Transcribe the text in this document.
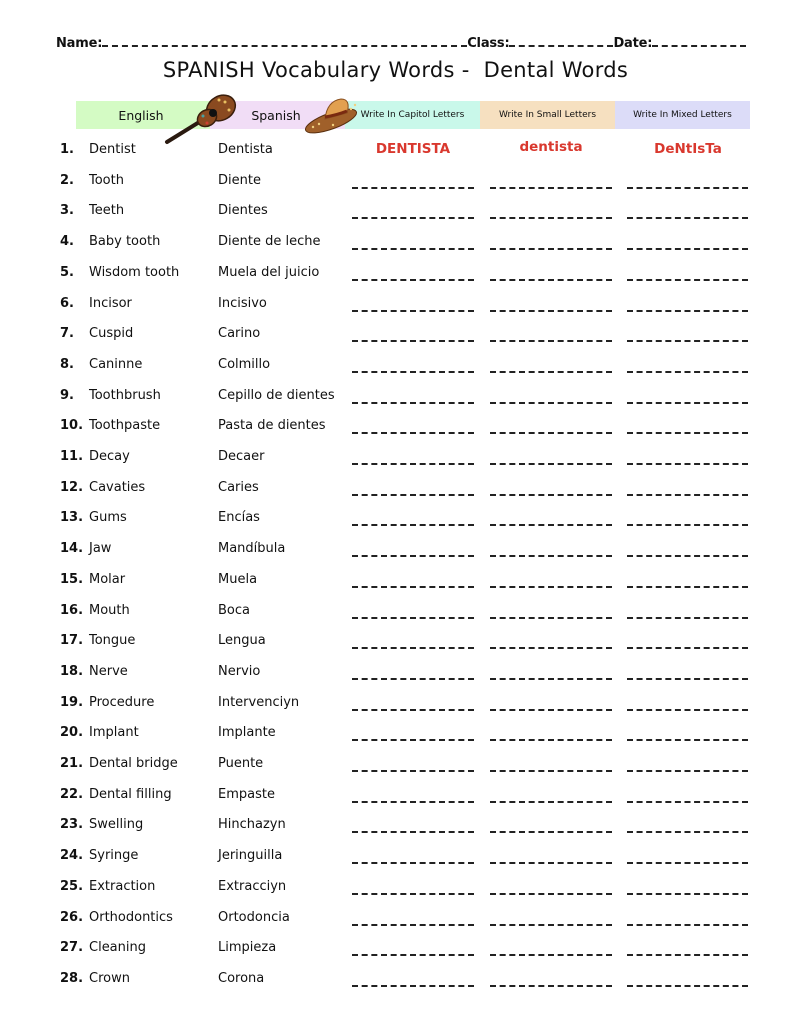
Name:	Class:	Date:
SPANISH Vocabulary Words - Dental Words
English	Spanish	Write In Capitol Letters	Write In Small Letters	Write In Mixed Letters
1. Dentist	Dentista	DENTISTA	dentista	DeNtIsTa
2. Tooth	Diente
3. Teeth	Dientes
4. Baby tooth	Diente de leche
5. Wisdom tooth	Muela del juicio
6. Incisor	Incisivo
7. Cuspid	Carino
8. Caninne	Colmillo
9. Toothbrush	Cepillo de dientes
10. Toothpaste	Pasta de dientes
11. Decay	Decaer
12. Cavaties	Caries
13. Gums	Encías
14. Jaw	Mandíbula
15. Molar	Muela
16. Mouth	Boca
17. Tongue	Lengua
18. Nerve	Nervio
19. Procedure	Intervenciyn
20. Implant	Implante
21. Dental bridge	Puente
22. Dental filling	Empaste
23. Swelling	Hinchazyn
24. Syringe	Jeringuilla
25. Extraction	Extracciyn
26. Orthodontics	Ortodoncia
27. Cleaning	Limpieza
28. Crown	Corona
